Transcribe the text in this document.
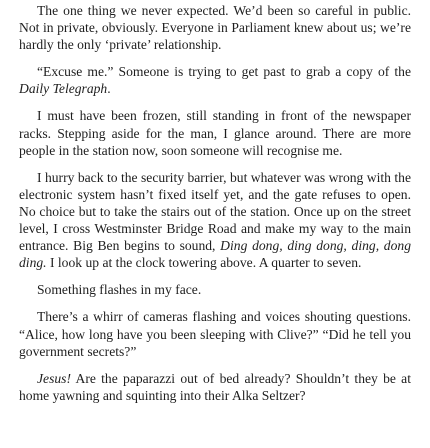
The one thing we never expected. We’d been so careful in public. Not in private, obviously. Everyone in Parliament knew about us; we’re hardly the only ‘private’ relationship.

“Excuse me.” Someone is trying to get past to grab a copy of the Daily Telegraph.

I must have been frozen, still standing in front of the newspaper racks. Stepping aside for the man, I glance around. There are more people in the station now, soon someone will recognise me.

I hurry back to the security barrier, but whatever was wrong with the electronic system hasn’t fixed itself yet, and the gate refuses to open. No choice but to take the stairs out of the station. Once up on the street level, I cross Westminster Bridge Road and make my way to the main entrance. Big Ben begins to sound, Ding dong, ding dong, ding, dong ding. I look up at the clock towering above. A quarter to seven.

Something flashes in my face.

There’s a whirr of cameras flashing and voices shouting questions. “Alice, how long have you been sleeping with Clive?” “Did he tell you government secrets?”

Jesus! Are the paparazzi out of bed already? Shouldn’t they be at home yawning and squinting into their Alka Seltzer?
